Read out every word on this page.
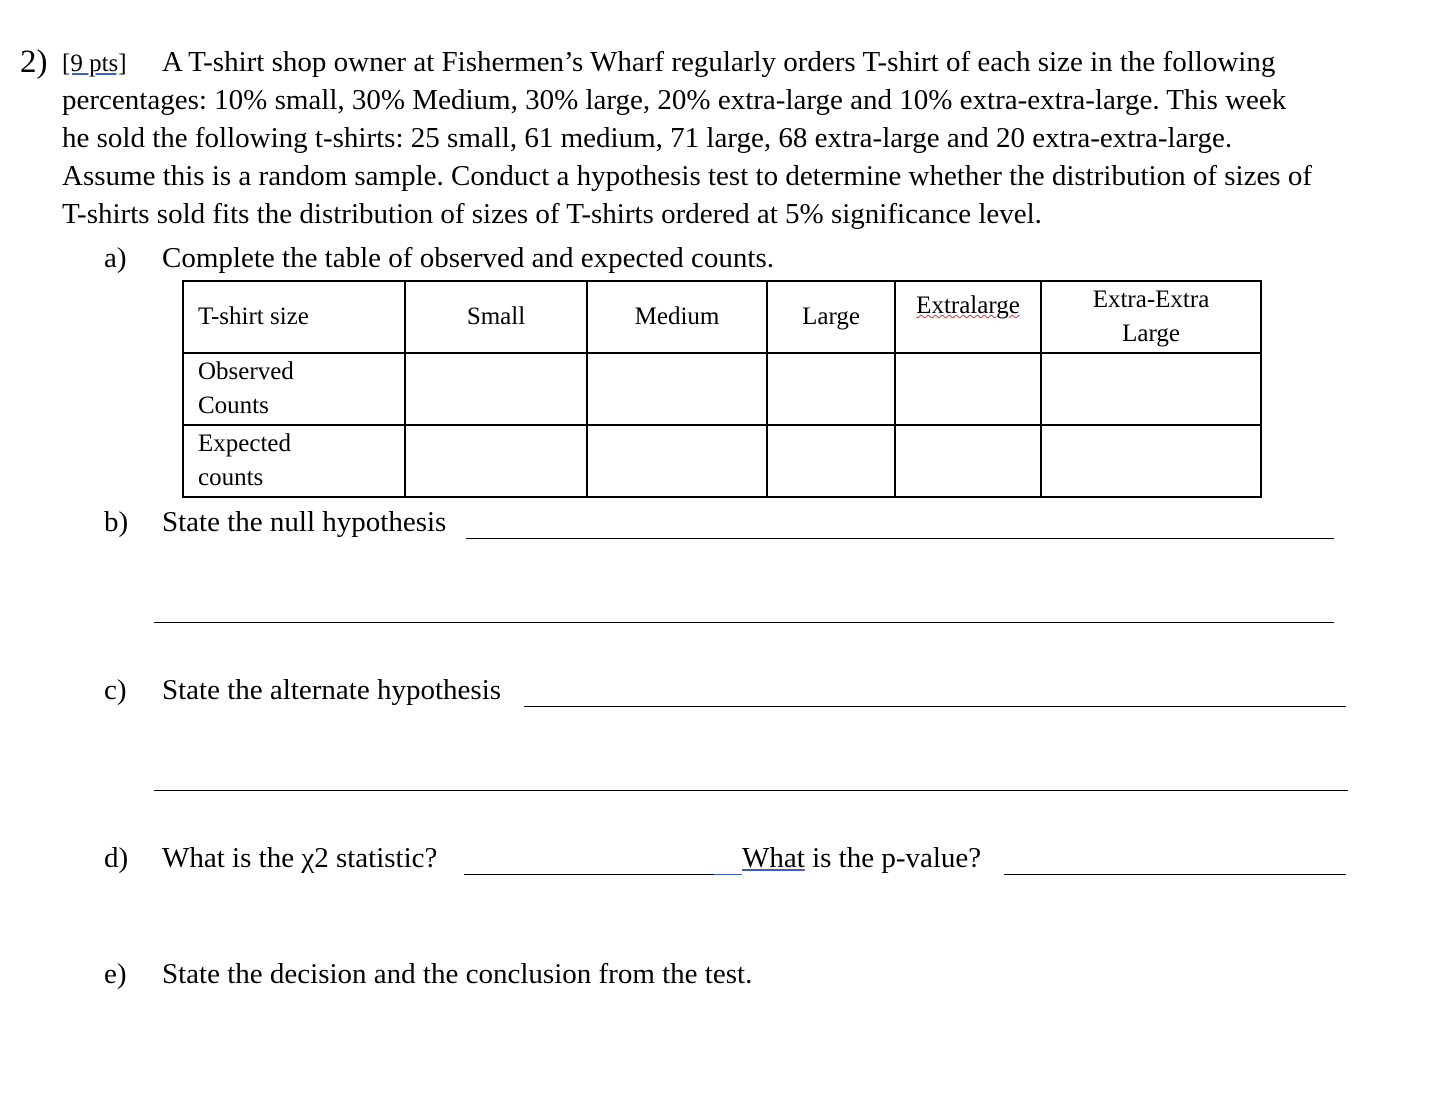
2) [9 pts] A T-shirt shop owner at Fishermen’s Wharf regularly orders T-shirt of each size in the following
percentages: 10% small, 30% Medium, 30% large, 20% extra-large and 10% extra-extra-large. This week
he sold the following t-shirts: 25 small, 61 medium, 71 large, 68 extra-large and 20 extra-extra-large.
Assume this is a random sample. Conduct a hypothesis test to determine whether the distribution of sizes of
T-shirts sold fits the distribution of sizes of T-shirts ordered at 5% significance level.
a) Complete the table of observed and expected counts.
T-shirt size	Small	Medium	Large	Extralarge	Extra-Extra
Large

Observed
Counts					

Expected
counts					

b) State the null hypothesis
c) State the alternate hypothesis
d) What is the χ2 statistic?	What is the p-value?
e) State the decision and the conclusion from the test.
